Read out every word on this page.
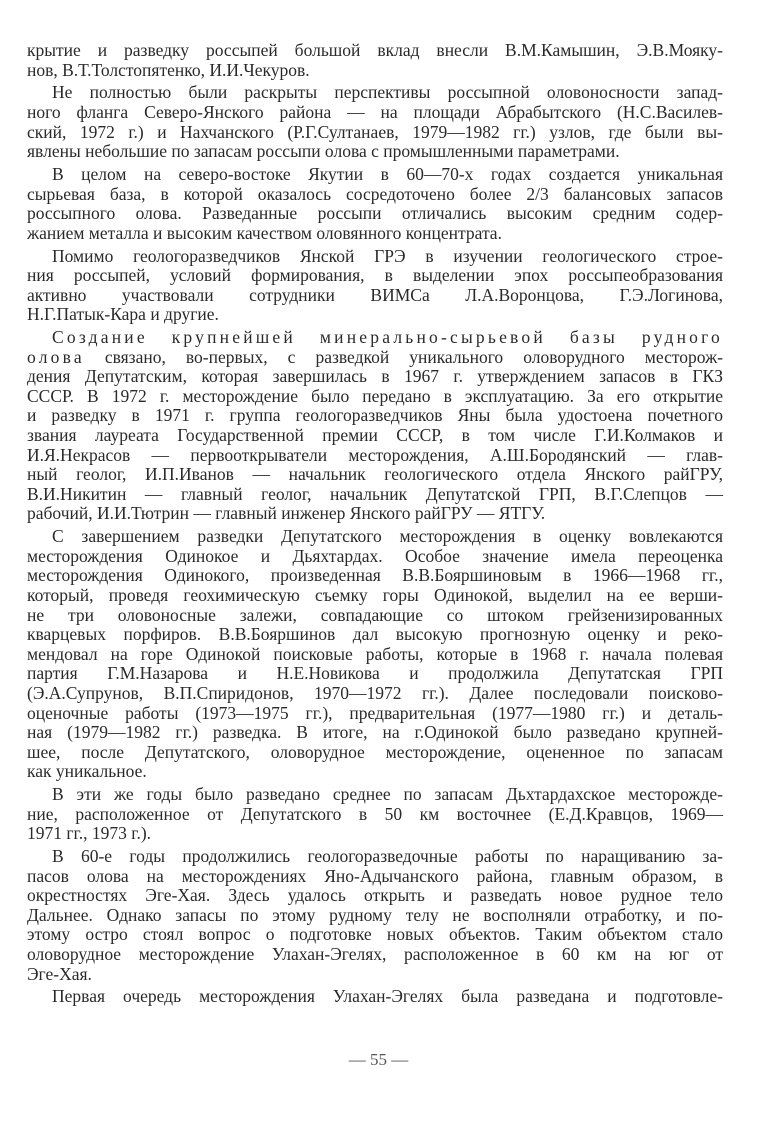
крытие и разведку россыпей большой вклад внесли В.М.Камышин, Э.В.Мояку-
нов, В.Т.Толстопятенко, И.И.Чекуров.
Не полностью были раскрыты перспективы россыпной оловоносности запад-
ного фланга Северо-Янского района — на площади Абрабытского (Н.С.Василев-
ский, 1972 г.) и Нахчанского (Р.Г.Султанаев, 1979—1982 гг.) узлов, где были вы-
явлены небольшие по запасам россыпи олова с промышленными параметрами.
В целом на северо-востоке Якутии в 60—70-х годах создается уникальная
сырьевая база, в которой оказалось сосредоточено более 2/3 балансовых запасов
россыпного олова. Разведанные россыпи отличались высоким средним содер-
жанием металла и высоким качеством оловянного концентрата.
Помимо геологоразведчиков Янской ГРЭ в изучении геологического строе-
ния россыпей, условий формирования, в выделении эпох россыпеобразования
активно участвовали сотрудники ВИМСа Л.А.Воронцова, Г.Э.Логинова,
Н.Г.Патык-Кара и другие.
Создание крупнейшей минерально-сырьевой базы рудного
олова связано, во-первых, с разведкой уникального оловорудного месторож-
дения Депутатским, которая завершилась в 1967 г. утверждением запасов в ГКЗ
СССР. В 1972 г. месторождение было передано в эксплуатацию. За его открытие
и разведку в 1971 г. группа геологоразведчиков Яны была удостоена почетного
звания лауреата Государственной премии СССР, в том числе Г.И.Колмаков и
И.Я.Некрасов — первооткрыватели месторождения, А.Ш.Бородянский — глав-
ный геолог, И.П.Иванов — начальник геологического отдела Янского райГРУ,
В.И.Никитин — главный геолог, начальник Депутатской ГРП, В.Г.Слепцов —
рабочий, И.И.Тютрин — главный инженер Янского райГРУ — ЯТГУ.
С завершением разведки Депутатского месторождения в оценку вовлекаются
месторождения Одинокое и Дьяхтардах. Особое значение имела переоценка
месторождения Одинокого, произведенная В.В.Бояршиновым в 1966—1968 гг.,
который, проведя геохимическую съемку горы Одинокой, выделил на ее верши-
не три оловоносные залежи, совпадающие со штоком грейзенизированных
кварцевых порфиров. В.В.Бояршинов дал высокую прогнозную оценку и реко-
мендовал на горе Одинокой поисковые работы, которые в 1968 г. начала полевая
партия Г.М.Назарова и Н.Е.Новикова и продолжила Депутатская ГРП
(Э.А.Супрунов, В.П.Спиридонов, 1970—1972 гг.). Далее последовали поисково-
оценочные работы (1973—1975 гг.), предварительная (1977—1980 гг.) и деталь-
ная (1979—1982 гг.) разведка. В итоге, на г.Одинокой было разведано крупней-
шее, после Депутатского, оловорудное месторождение, оцененное по запасам
как уникальное.
В эти же годы было разведано среднее по запасам Дьхтардахское месторожде-
ние, расположенное от Депутатского в 50 км восточнее (Е.Д.Кравцов, 1969—
1971 гг., 1973 г.).
В 60-е годы продолжились геологоразведочные работы по наращиванию за-
пасов олова на месторождениях Яно-Адычанского района, главным образом, в
окрестностях Эге-Хая. Здесь удалось открыть и разведать новое рудное тело
Дальнее. Однако запасы по этому рудному телу не восполняли отработку, и по-
этому остро стоял вопрос о подготовке новых объектов. Таким объектом стало
оловорудное месторождение Улахан-Эгелях, расположенное в 60 км на юг от
Эге-Хая.
Первая очередь месторождения Улахан-Эгелях была разведана и подготовле-
— 55 —
